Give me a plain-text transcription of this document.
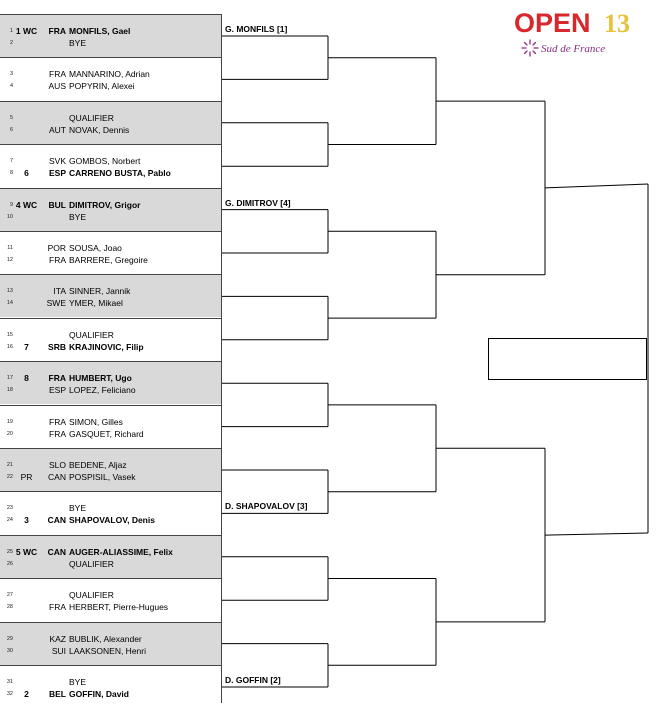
1 1 WC	FRA MONFILS, Gael
2	BYE
3	FRA MANNARINO, Adrian
4	AUS POPYRIN, Alexei
5	QUALIFIER
6	AUT NOVAK, Dennis
7	SVK GOMBOS, Norbert
8	6	ESP CARRENO BUSTA, Pablo
9 4 WC	BUL DIMITROV, Grigor
10	BYE
11	POR SOUSA, Joao
12	FRA BARRERE, Gregoire
13	ITA SINNER, Jannik
14	SWE YMER, Mikael
15	QUALIFIER
16	7	SRB KRAJINOVIC, Filip
17	8	FRA HUMBERT, Ugo
18	ESP LOPEZ, Feliciano
19	FRA SIMON, Gilles
20	FRA GASQUET, Richard
21	SLO BEDENE, Aljaz
22 PR	CAN POSPISIL, Vasek
23	BYE
24	3	CAN SHAPOVALOV, Denis
25 5 WC	CAN AUGER-ALIASSIME, Felix
26	QUALIFIER
27	QUALIFIER
28	FRA HERBERT, Pierre-Hugues
29	KAZ BUBLIK, Alexander
30	SUI LAAKSONEN, Henri
31	BYE
32	2	BEL GOFFIN, David
G. MONFILS [1]
G. DIMITROV [4]
D. SHAPOVALOV [3]
D. GOFFIN [2]
OPEN 13
Sud de France
